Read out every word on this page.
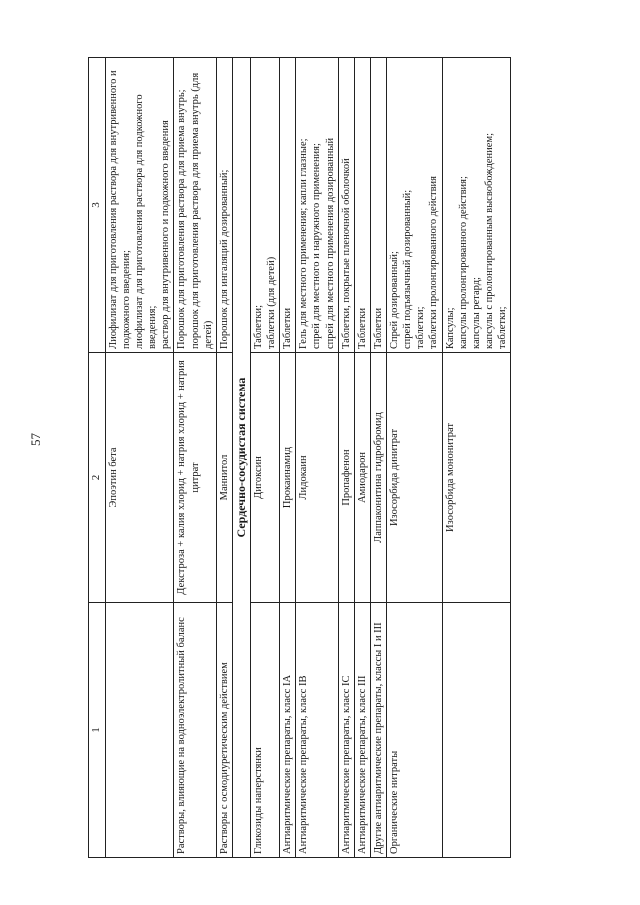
57
1	2	3
	Эпоэтин бета	Лиофилизат для приготовления раствора для внутривенного и подкожного введения; лиофилизат для приготовления раствора для подкожного введения; раствор для внутривенного и подкожного введения

Растворы, влияющие на водноэлектролитный баланс	Декстроза + калия хлорид + натрия хлорид + натрия цитрат	Порошок для приготовления раствора для приема внутрь; порошок для приготовления раствора для приема внутрь (для детей)

Растворы с осмодиуретическим действием	Маннитол	Порошок для ингаляций дозированный;

Сердечно-сосудистая система		
Гликозиды наперстянки	Дигоксин	Таблетки; таблетки (для детей)

Антиаритмические препараты, класс IA	Прокаинамид	Таблетки

Антиаритмические препараты, класс IB	Лидокаин	Гель для местного применения; капли глазные; спрей для местного и наружного применения; спрей для местного применения дозированный

Антиаритмические препараты, класс IC	Пропафенон	Таблетки, покрытые пленочной оболочкой

Антиаритмические препараты, класс III	Амиодарон	Таблетки

Другие антиаритмические препараты, классы I и III	Лаппаконитина гидробромид	Таблетки

Органические нитраты	Изосорбида динитрат	Спрей дозированный; спрей подъязычный дозированный; таблетки; таблетки пролонгированного действия

	Изосорбида мононитрат	Капсулы; капсулы пролонгированного действия; капсулы ретард; капсулы с пролонгированным высвобождением; таблетки;
